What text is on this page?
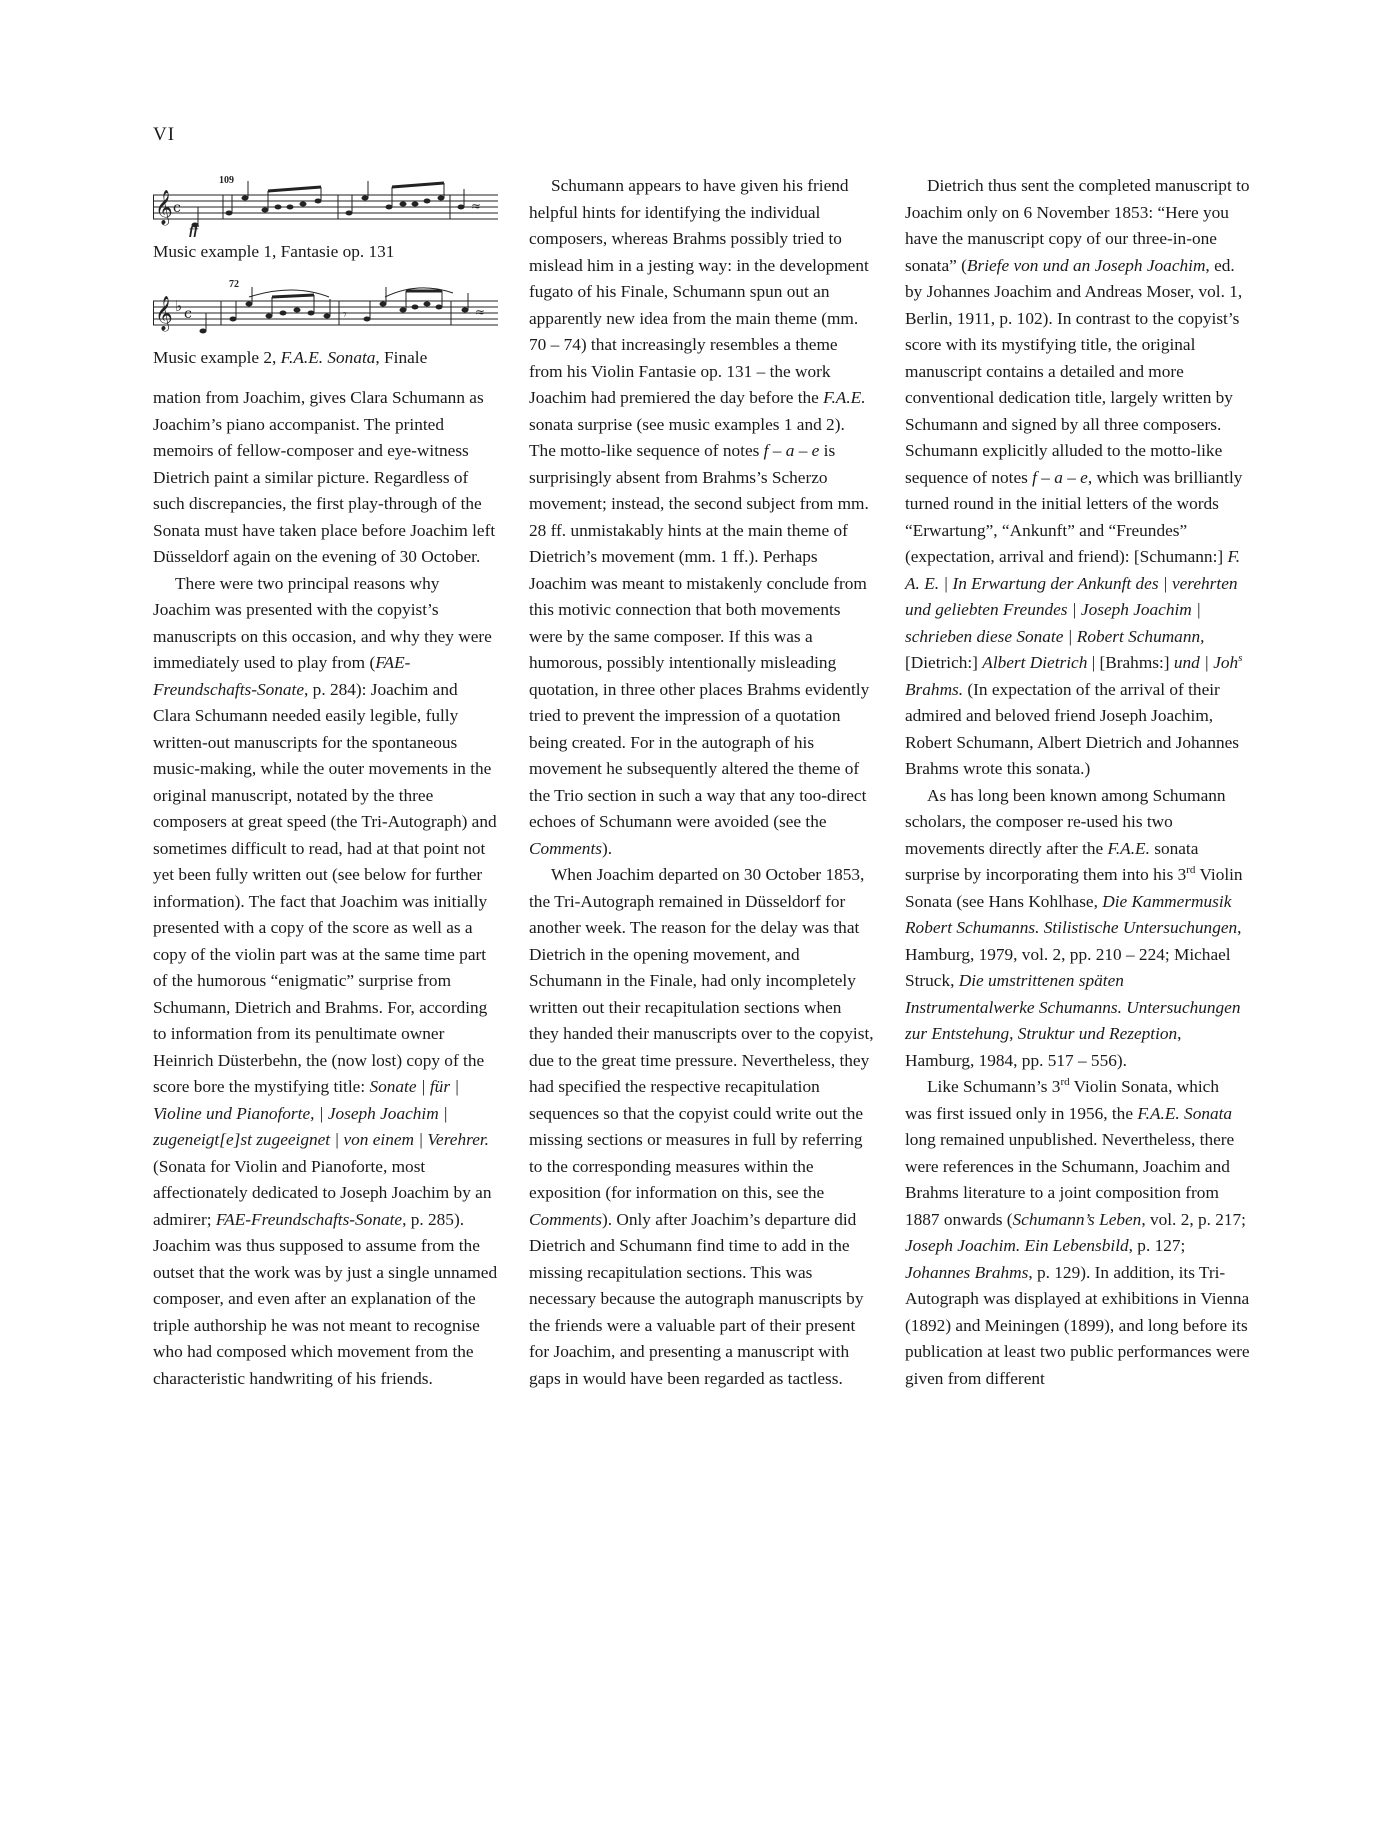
VI
𝄞 c
109
≈
ff
Music example 1, Fantasie op. 131
𝄞 ♭ c
72
𝄾	≈
Music example 2, F.A.E. Sonata, Finale

mation from Joachim, gives Clara Schumann as Joachim’s piano accompanist. The printed memoirs of fellow-composer and eye-witness Dietrich paint a similar picture. Regardless of such discrepancies, the first play-through of the Sonata must have taken place before Joachim left Düsseldorf again on the evening of 30 October.

There were two principal reasons why Joachim was presented with the copyist’s manuscripts on this occasion, and why they were immediately used to play from (FAE-Freundschafts-Sonate, p. 284): Joachim and Clara Schumann needed easily legible, fully written-out manuscripts for the spontaneous music-making, while the outer movements in the original manuscript, notated by the three composers at great speed (the Tri-Autograph) and sometimes difficult to read, had at that point not yet been fully written out (see below for further information). The fact that Joachim was initially presented with a copy of the score as well as a copy of the violin part was at the same time part of the humorous “enigmatic” surprise from Schumann, Dietrich and Brahms. For, according to information from its penultimate owner Heinrich Düsterbehn, the (now lost) copy of the score bore the mystifying title: Sonate | für | Violine und Pianoforte, | Joseph Joachim | zugeneigt[e]st zugeeignet | von einem | Verehrer. (Sonata for Violin and Pianoforte, most affectionately dedicated to Joseph Joachim by an admirer; FAE-Freundschafts-Sonate, p. 285). Joachim was thus supposed to assume from the outset that the work was by just a single unnamed composer, and even after an explanation of the triple authorship he was not meant to recognise who had composed which movement from the characteristic handwriting of his friends.

Schumann appears to have given his friend helpful hints for identifying the individual composers, whereas Brahms possibly tried to mislead him in a jesting way: in the development fugato of his Finale, Schumann spun out an apparently new idea from the main theme (mm. 70 – 74) that increasingly resembles a theme from his Violin Fantasie op. 131 – the work Joachim had premiered the day before the F.A.E. sonata surprise (see music examples 1 and 2). The motto-like sequence of notes f – a – e is surprisingly absent from Brahms’s Scherzo movement; instead, the second subject from mm. 28 ff. unmistakably hints at the main theme of Dietrich’s movement (mm. 1 ff.). Perhaps Joachim was meant to mistakenly conclude from this motivic connection that both movements were by the same composer. If this was a humorous, possibly intentionally misleading quotation, in three other places Brahms evidently tried to prevent the impression of a quotation being created. For in the autograph of his movement he subsequently altered the theme of the Trio section in such a way that any too-direct echoes of Schumann were avoided (see the Comments).

When Joachim departed on 30 October 1853, the Tri-Autograph remained in Düsseldorf for another week. The reason for the delay was that Dietrich in the opening movement, and Schumann in the Finale, had only incompletely written out their recapitulation sections when they handed their manuscripts over to the copyist, due to the great time pressure. Nevertheless, they had specified the respective recapitulation sequences so that the copyist could write out the missing sections or measures in full by referring to the corresponding measures within the exposition (for information on this, see the Comments). Only after Joachim’s departure did Dietrich and Schumann find time to add in the missing recapitulation sections. This was necessary because the autograph manuscripts by the friends were a valuable part of their present for Joachim, and presenting a manuscript with gaps in would have been regarded as tactless.

Dietrich thus sent the completed manuscript to Joachim only on 6 November 1853: “Here you have the manuscript copy of our three-in-one sonata” (Briefe von und an Joseph Joachim, ed. by Johannes Joachim and Andreas Moser, vol. 1, Berlin, 1911, p. 102). In contrast to the copyist’s score with its mystifying title, the original manuscript contains a detailed and more conventional dedication title, largely written by Schumann and signed by all three composers. Schumann explicitly alluded to the motto-like sequence of notes f – a – e, which was brilliantly turned round in the initial letters of the words “Erwartung”, “Ankunft” and “Freundes” (expectation, arrival and friend): [Schumann:] F. A. E. | In Erwartung der Ankunft des | verehrten und geliebten Freundes | Joseph Joachim | schrieben diese Sonate | Robert Schumann, [Dietrich:] Albert Dietrich | [Brahms:] und | Joh$^s$ Brahms. (In expectation of the arrival of their admired and beloved friend Joseph Joachim, Robert Schumann, Albert Dietrich and Johannes Brahms wrote this sonata.)

As has long been known among Schumann scholars, the composer re-used his two movements directly after the F.A.E. sonata surprise by incorporating them into his 3rd Violin Sonata (see Hans Kohlhase, Die Kammermusik Robert Schumanns. Stilistische Untersuchungen, Hamburg, 1979, vol. 2, pp. 210 – 224; Michael Struck, Die umstrittenen späten Instrumentalwerke Schumanns. Untersuchungen zur Entstehung, Struktur und Rezeption, Hamburg, 1984, pp. 517 – 556).

Like Schumann’s 3rd Violin Sonata, which was first issued only in 1956, the F.A.E. Sonata long remained unpublished. Nevertheless, there were references in the Schumann, Joachim and Brahms literature to a joint composition from 1887 onwards (Schumann’s Leben, vol. 2, p. 217; Joseph Joachim. Ein Lebensbild, p. 127; Johannes Brahms, p. 129). In addition, its Tri-Autograph was displayed at exhibitions in Vienna (1892) and Meiningen (1899), and long before its publication at least two public performances were given from different
